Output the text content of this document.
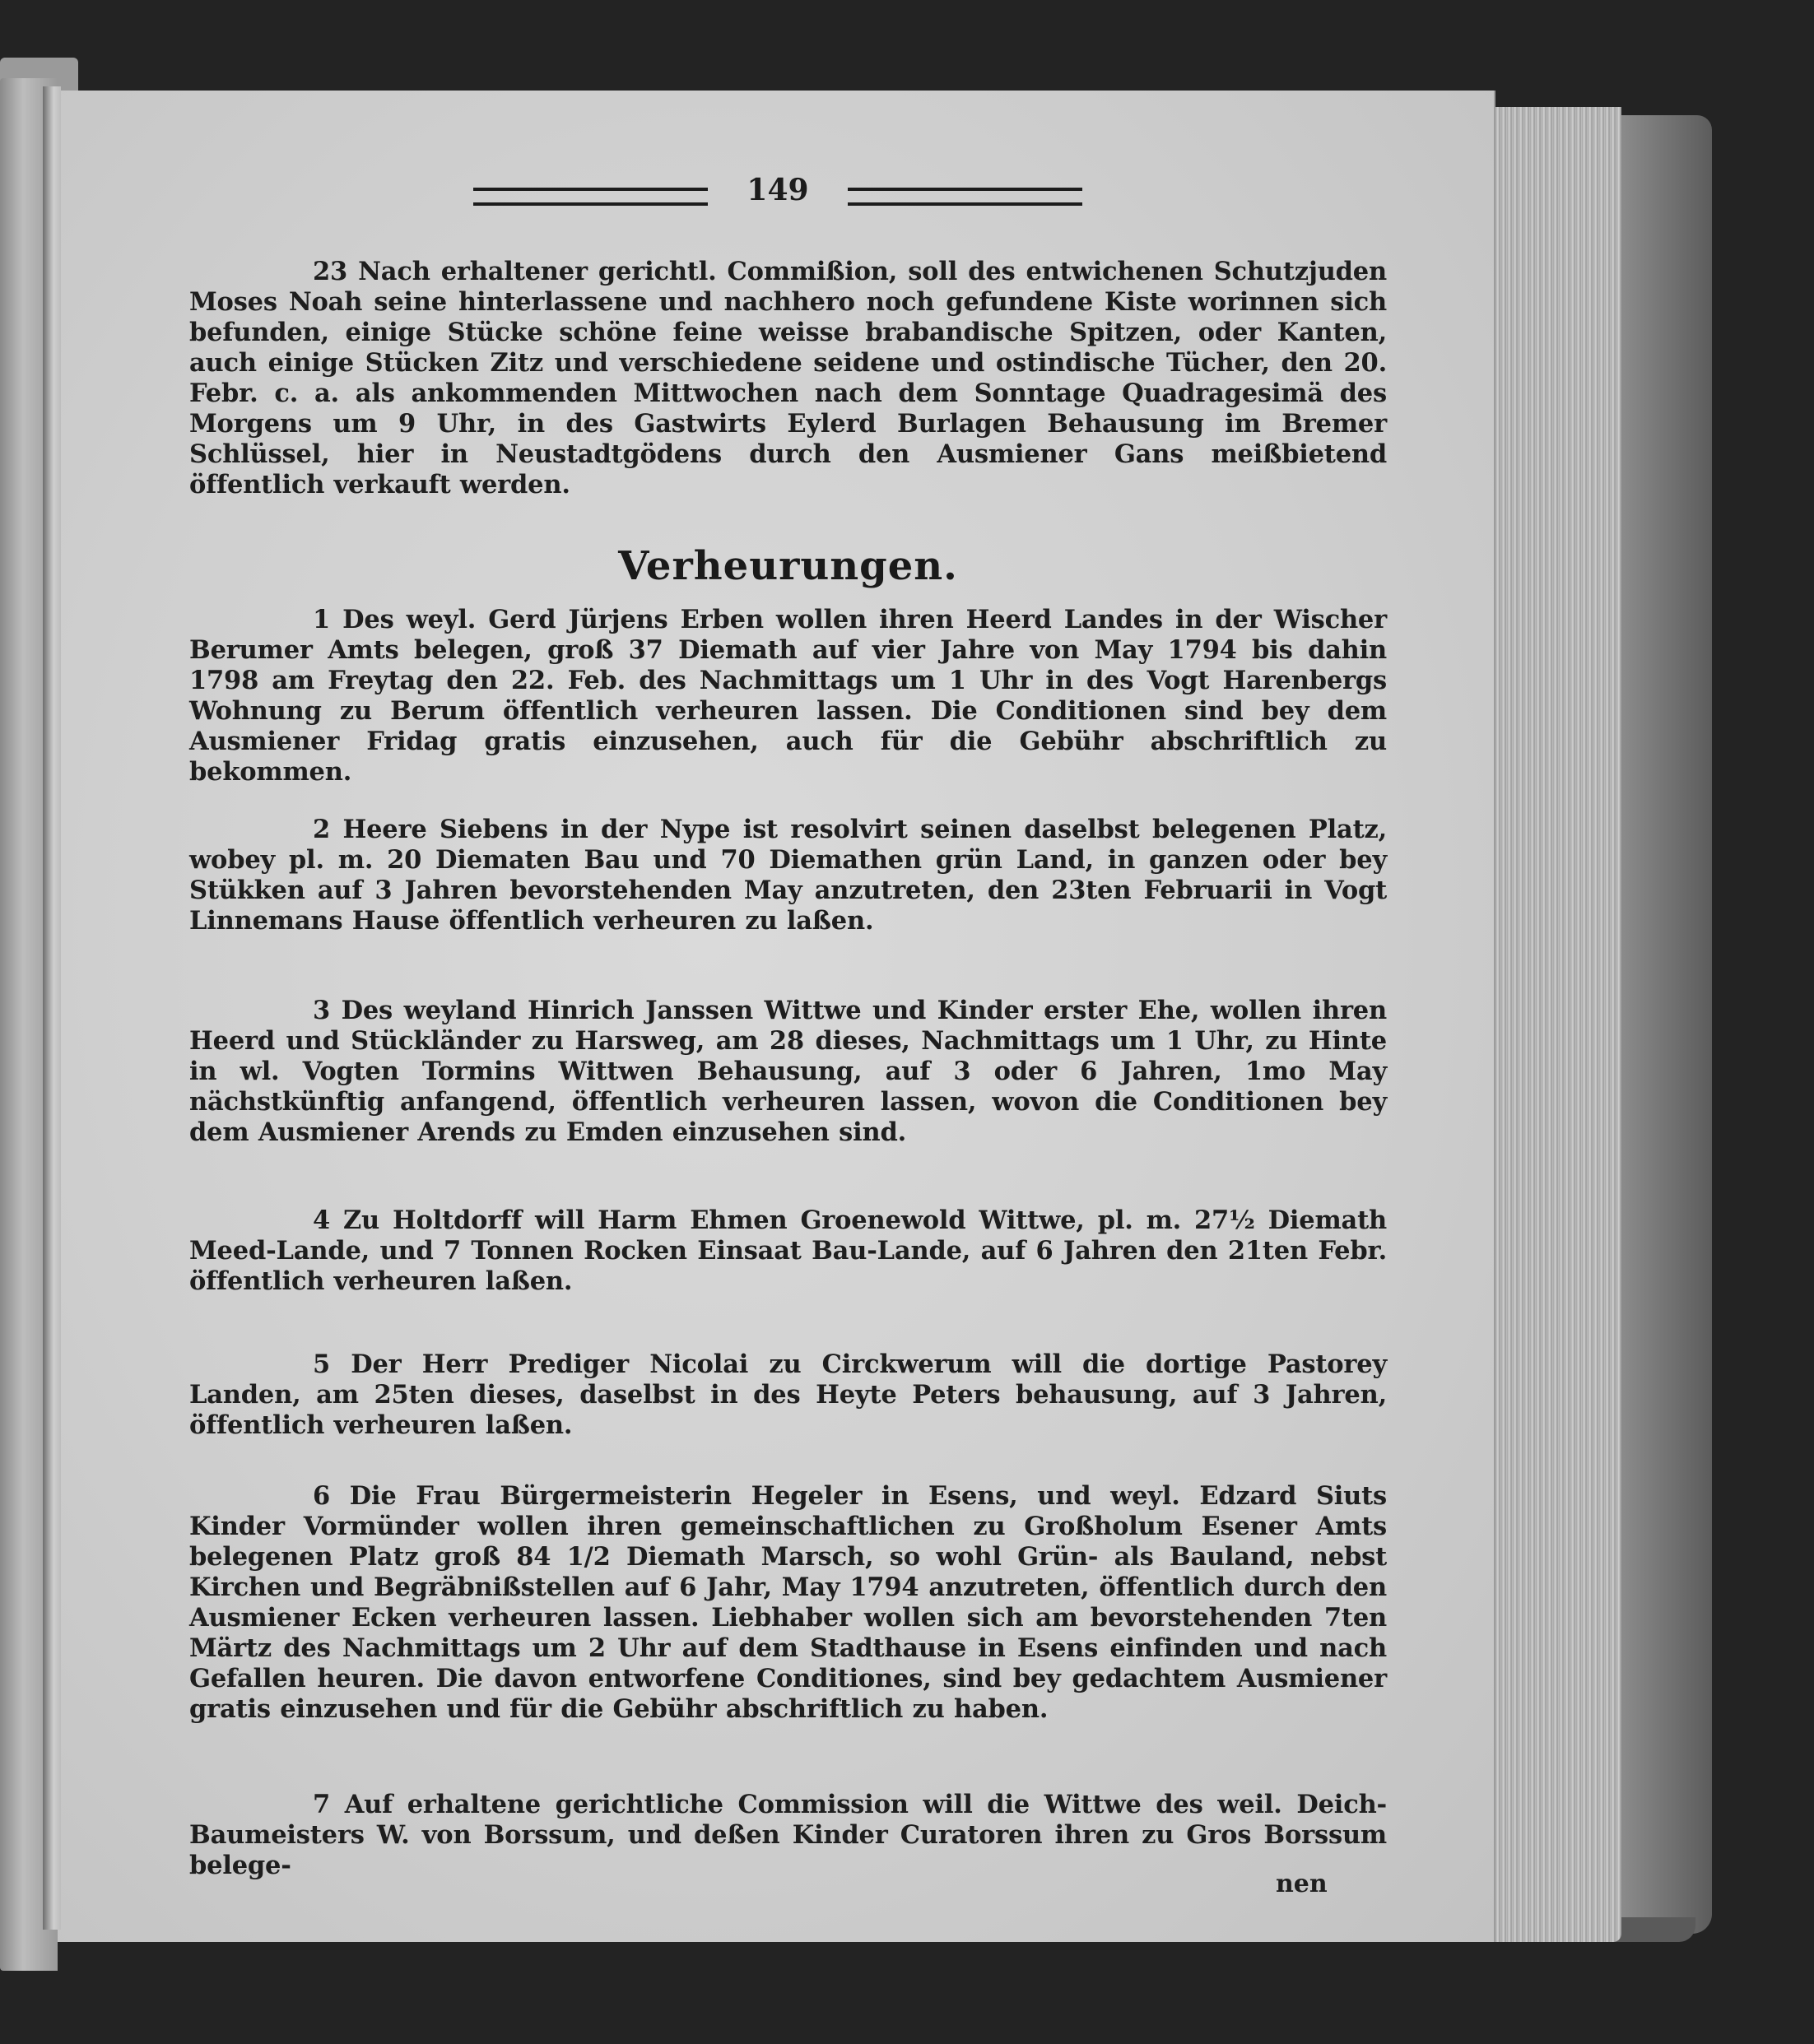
149
23 Nach erhaltener gerichtl. Commißion, soll des entwichenen Schutzjuden Moses Noah seine hinterlassene und nachhero noch gefundene Kiste worinnen sich befunden, einige Stücke schöne feine weisse brabandische Spitzen, oder Kanten, auch einige Stücken Zitz und verschiedene seidene und ostindische Tücher, den 20. Febr. c. a. als ankommenden Mittwochen nach dem Sonntage Quadragesimä des Morgens um 9 Uhr, in des Gastwirts Eylerd Burlagen Behausung im Bremer Schlüssel, hier in Neustadtgödens durch den Ausmiener Gans meißbietend öffentlich verkauft werden.
Verheurungen.
1 Des weyl. Gerd Jürjens Erben wollen ihren Heerd Landes in der Wischer Berumer Amts belegen, groß 37 Diemath auf vier Jahre von May 1794 bis dahin 1798 am Freytag den 22. Feb. des Nachmittags um 1 Uhr in des Vogt Harenbergs Wohnung zu Berum öffentlich verheuren lassen. Die Conditionen sind bey dem Ausmiener Fridag gratis einzusehen, auch für die Gebühr abschriftlich zu bekommen.
2 Heere Siebens in der Nype ist resolvirt seinen daselbst belegenen Platz, wobey pl. m. 20 Diematen Bau und 70 Diemathen grün Land, in ganzen oder bey Stükken auf 3 Jahren bevorstehenden May anzutreten, den 23ten Februarii in Vogt Linnemans Hause öffentlich verheuren zu laßen.
3 Des weyland Hinrich Janssen Wittwe und Kinder erster Ehe, wollen ihren Heerd und Stückländer zu Harsweg, am 28 dieses, Nachmittags um 1 Uhr, zu Hinte in wl. Vogten Tormins Wittwen Behausung, auf 3 oder 6 Jahren, 1mo May nächstkünftig anfangend, öffentlich verheuren lassen, wovon die Conditionen bey dem Ausmiener Arends zu Emden einzusehen sind.
4 Zu Holtdorff will Harm Ehmen Groenewold Wittwe, pl. m. 27½ Diemath Meed-Lande, und 7 Tonnen Rocken Einsaat Bau-Lande, auf 6 Jahren den 21ten Febr. öffentlich verheuren laßen.
5 Der Herr Prediger Nicolai zu Circkwerum will die dortige Pastorey Landen, am 25ten dieses, daselbst in des Heyte Peters behausung, auf 3 Jahren, öffentlich verheuren laßen.
6 Die Frau Bürgermeisterin Hegeler in Esens, und weyl. Edzard Siuts Kinder Vormünder wollen ihren gemeinschaftlichen zu Großholum Esener Amts belegenen Platz groß 84 1/2 Diemath Marsch, so wohl Grün- als Bauland, nebst Kirchen und Begräbnißstellen auf 6 Jahr, May 1794 anzutreten, öffentlich durch den Ausmiener Ecken verheuren lassen. Liebhaber wollen sich am bevorstehenden 7ten Märtz des Nachmittags um 2 Uhr auf dem Stadthause in Esens einfinden und nach Gefallen heuren. Die davon entworfene Conditiones, sind bey gedachtem Ausmiener gratis einzusehen und für die Gebühr abschriftlich zu haben.
7 Auf erhaltene gerichtliche Commission will die Wittwe des weil. Deich-Baumeisters W. von Borssum, und deßen Kinder Curatoren ihren zu Gros Borssum belege-
nen
